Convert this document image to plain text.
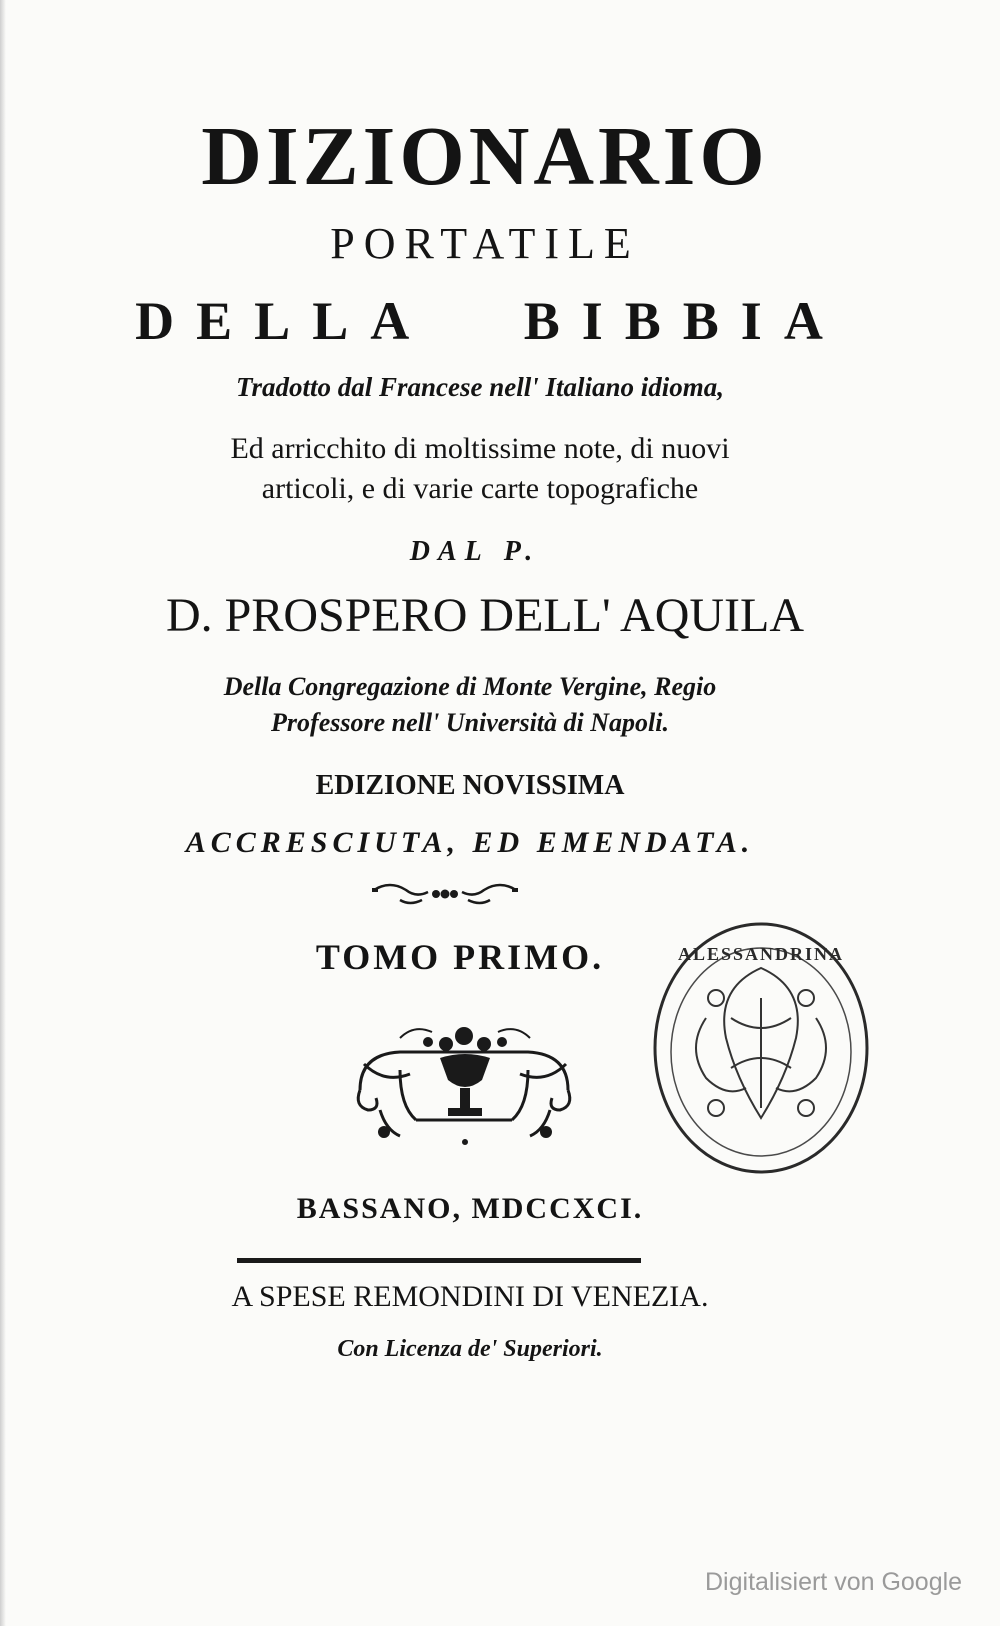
DIZIONARIO
PORTATILE
DELLA BIBBIA
Tradotto dal Francese nell' Italiano idioma,
Ed arricchito di moltissime note, di nuovi
articoli, e di varie carte topografiche
DAL P.
D. PROSPERO DELL' AQUILA
Della Congregazione di Monte Vergine, Regio
Professore nell' Università di Napoli.
EDIZIONE NOVISSIMA
ACCRESCIUTA, ED EMENDATA.
TOMO PRIMO.	ALESSANDRINA
BASSANO, MDCCXCI.
A SPESE REMONDINI DI VENEZIA.
Con Licenza de' Superiori.
Digitalisiert von Google
